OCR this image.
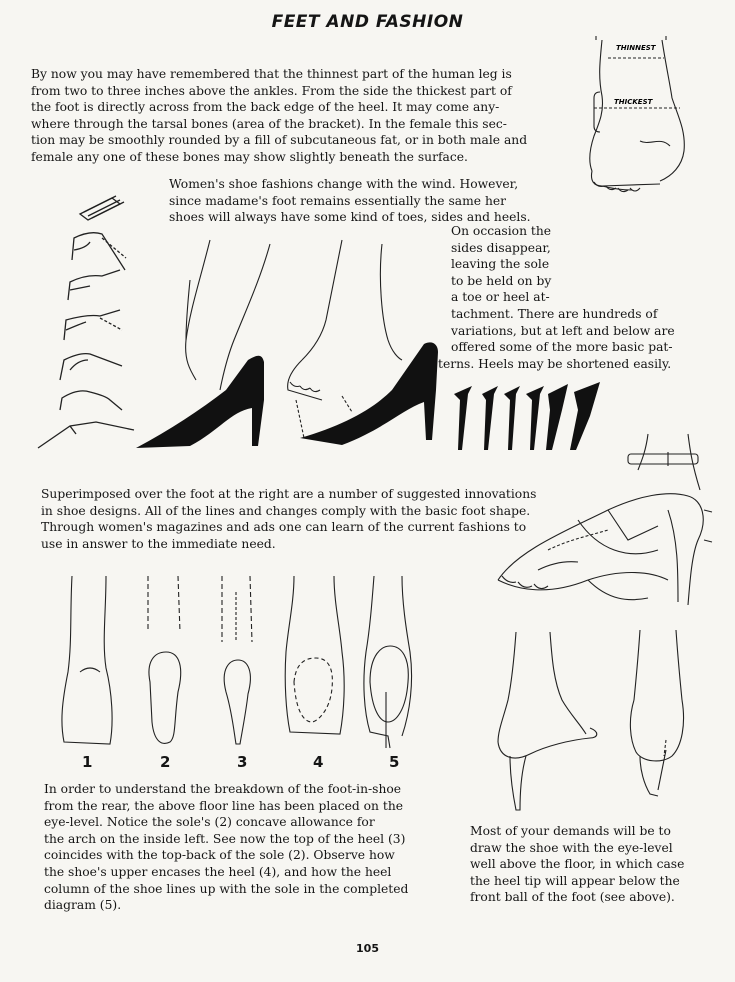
FEET AND FASHION

By now you may have remembered that the thinnest part of the human leg is

from two to three inches above the ankles. From the side the thickest part of

the foot is directly across from the back edge of the heel. It may come any-

where through the tarsal bones (area of the bracket). In the female this sec-

tion may be smoothly rounded by a fill of subcutaneous fat, or in both male and

female any one of these bones may show slightly beneath the surface.

Women's shoe fashions change with the wind. However,

since madame's foot remains essentially the same her

shoes will always have some kind of toes, sides and heels.

On occasion the

sides disappear,

leaving the sole

to be held on by

a toe or heel at-

tachment. There are hundreds of

variations, but at left and below are

offered some of the more basic pat-

terns. Heels may be shortened easily.

Superimposed over the foot at the right are a number of suggested innovations

in shoe designs. All of the lines and changes comply with the basic foot shape.

Through women's magazines and ads one can learn of the current fashions to

use in answer to the immediate need.

In order to understand the breakdown of the foot-in-shoe

from the rear, the above floor line has been placed on the

eye-level. Notice the sole's (2) concave allowance for

the arch on the inside left. See now the top of the heel (3)

coincides with the top-back of the sole (2). Observe how

the shoe's upper encases the heel (4), and how the heel

column of the shoe lines up with the sole in the completed

diagram (5).

Most of your demands will be to

draw the shoe with the eye-level

well above the floor, in which case

the heel tip will appear below the

front ball of the foot (see above).

105
THINNEST
THICKEST
1	2	3	4	5
